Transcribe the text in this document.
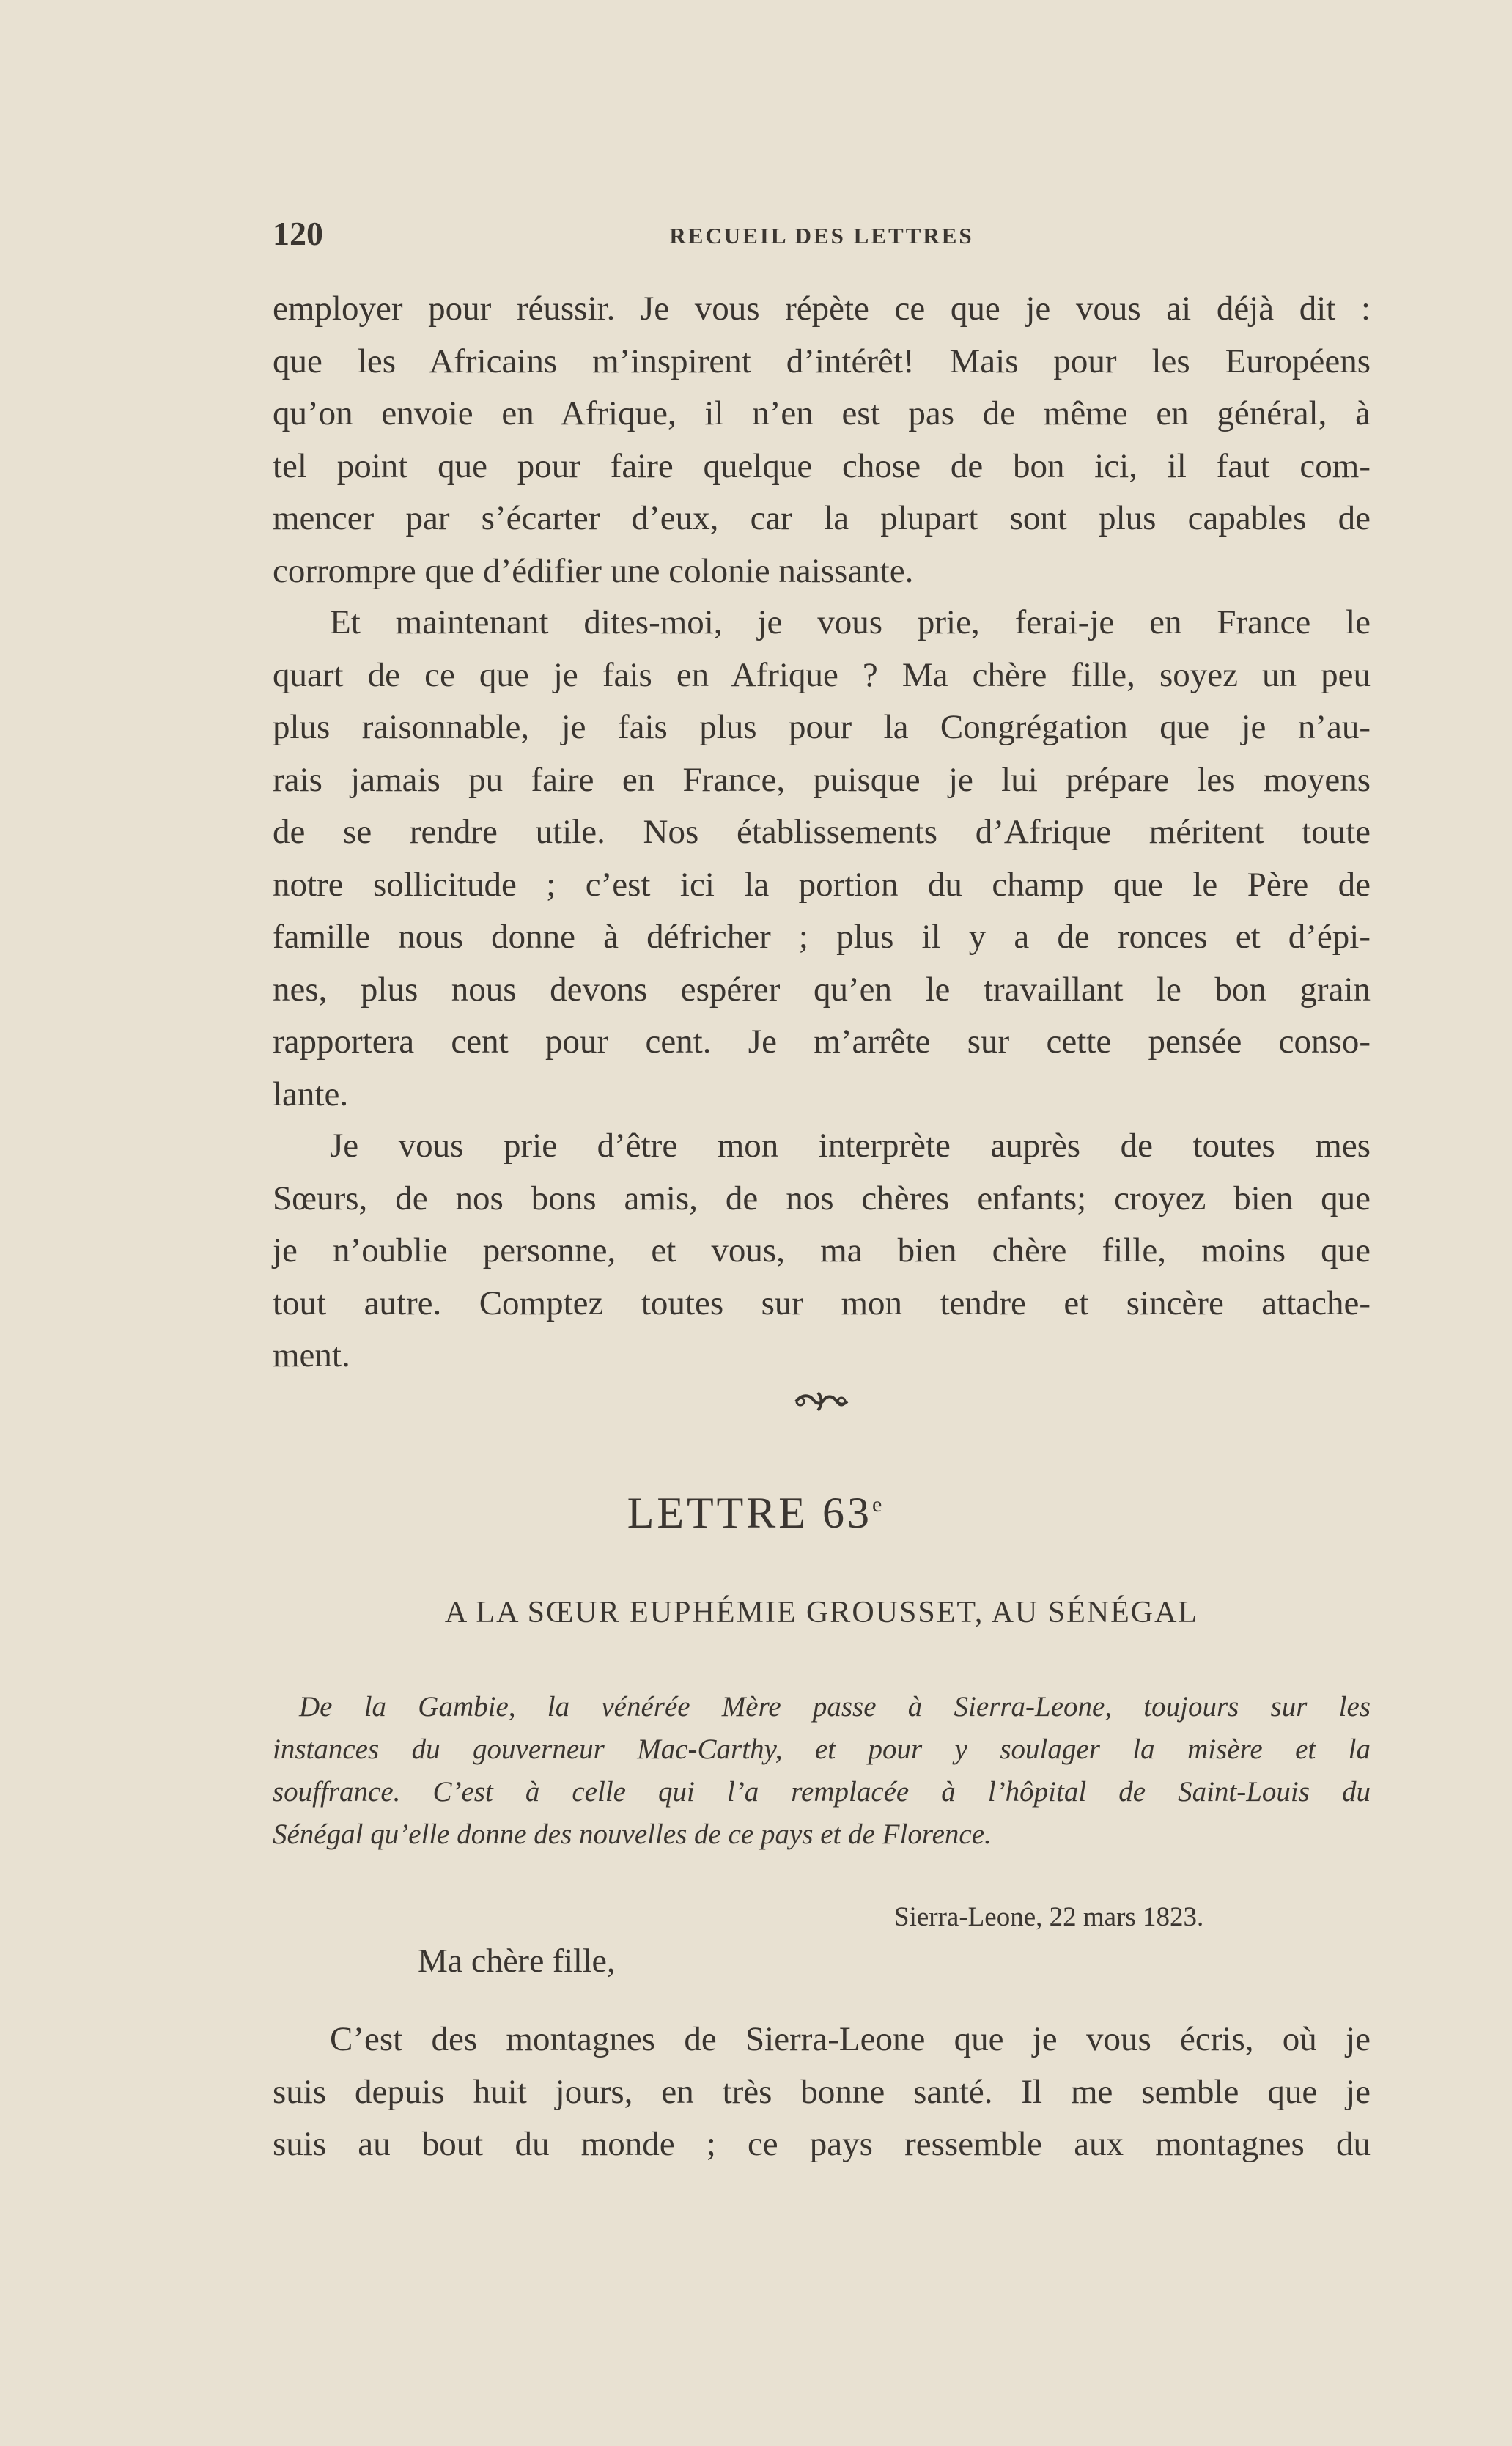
120	RECUEIL DES LETTRES
employer pour réussir. Je vous répète ce que je vous ai déjà dit :
que les Africains m’inspirent d’intérêt! Mais pour les Européens
qu’on envoie en Afrique, il n’en est pas de même en général, à
tel point que pour faire quelque chose de bon ici, il faut com-
mencer par s’écarter d’eux, car la plupart sont plus capables de
corrompre que d’édifier une colonie naissante.
Et maintenant dites-moi, je vous prie, ferai-je en France le
quart de ce que je fais en Afrique ? Ma chère fille, soyez un peu
plus raisonnable, je fais plus pour la Congrégation que je n’au-
rais jamais pu faire en France, puisque je lui prépare les moyens
de se rendre utile. Nos établissements d’Afrique méritent toute
notre sollicitude ; c’est ici la portion du champ que le Père de
famille nous donne à défricher ; plus il y a de ronces et d’épi-
nes, plus nous devons espérer qu’en le travaillant le bon grain
rapportera cent pour cent. Je m’arrête sur cette pensée conso-
lante.
Je vous prie d’être mon interprète auprès de toutes mes
Sœurs, de nos bons amis, de nos chères enfants; croyez bien que
je n’oublie personne, et vous, ma bien chère fille, moins que
tout autre. Comptez toutes sur mon tendre et sincère attache-
ment.
LETTRE 63e
A LA SŒUR EUPHÉMIE GROUSSET, AU SÉNÉGAL
De la Gambie, la vénérée Mère passe à Sierra-Leone, toujours sur les
instances du gouverneur Mac-Carthy, et pour y soulager la misère et la
souffrance. C’est à celle qui l’a remplacée à l’hôpital de Saint-Louis du
Sénégal qu’elle donne des nouvelles de ce pays et de Florence.
Sierra-Leone, 22 mars 1823.
Ma chère fille,
C’est des montagnes de Sierra-Leone que je vous écris, où je
suis depuis huit jours, en très bonne santé. Il me semble que je
suis au bout du monde ; ce pays ressemble aux montagnes du
